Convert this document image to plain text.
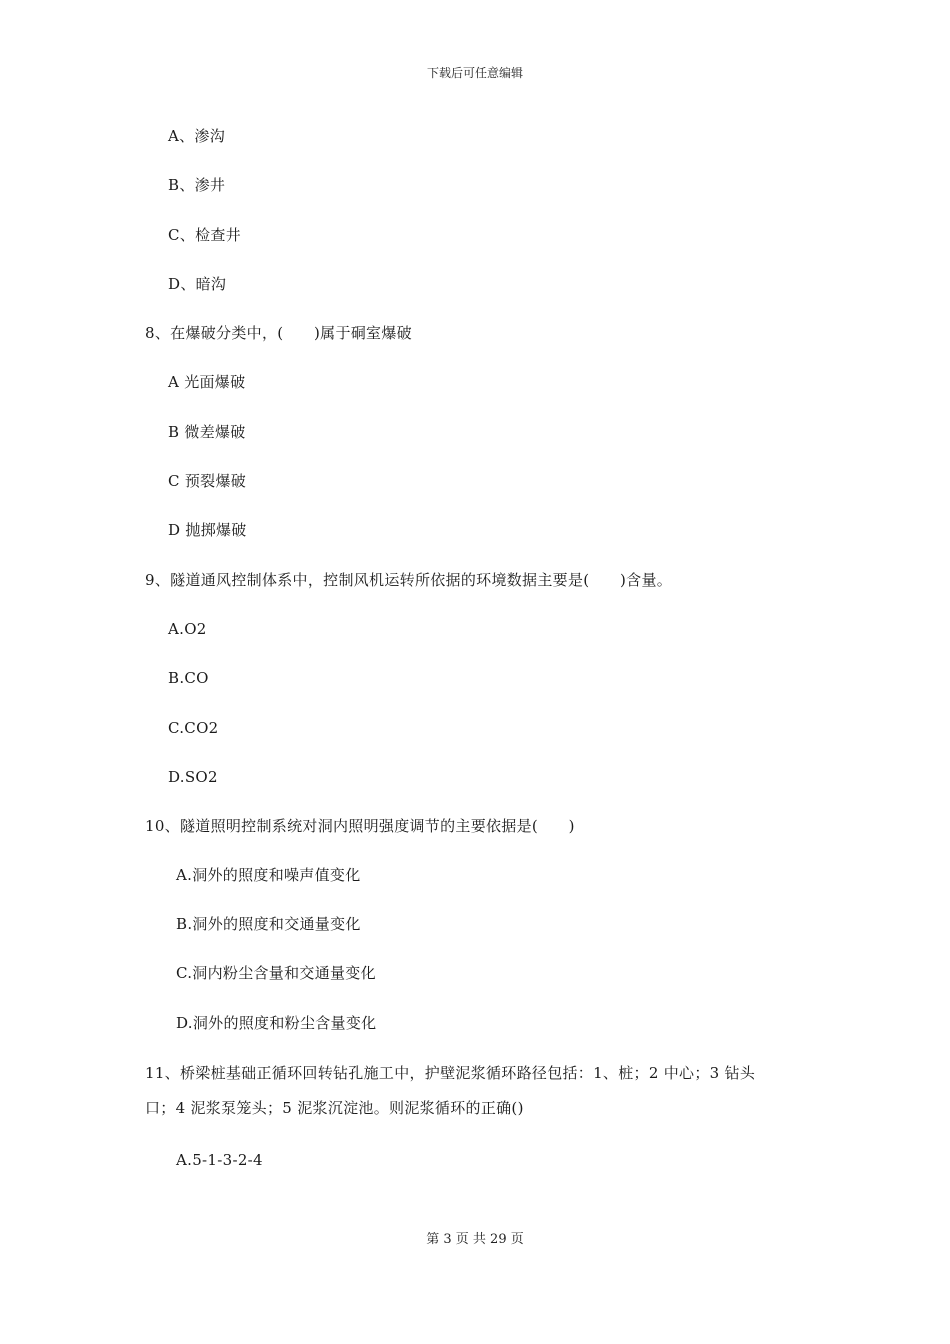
下载后可任意编辑
A、渗沟
B、渗井
C、检查井
D、暗沟
8、在爆破分类中，(　　)属于硐室爆破
A 光面爆破
B 微差爆破
C 预裂爆破
D 抛掷爆破
9、隧道通风控制体系中，控制风机运转所依据的环境数据主要是(　　)含量。
A.O2
B.CO
C.CO2
D.SO2
10、隧道照明控制系统对洞内照明强度调节的主要依据是(　　)
A.洞外的照度和噪声值变化
B.洞外的照度和交通量变化
C.洞内粉尘含量和交通量变化
D.洞外的照度和粉尘含量变化
11、桥梁桩基础正循环回转钻孔施工中，护壁泥浆循环路径包括：1、桩；2 中心；3 钻头
口；4 泥浆泵笼头；5 泥浆沉淀池。则泥浆循环的正确()
A.5-1-3-2-4
第 3 页 共 29 页
